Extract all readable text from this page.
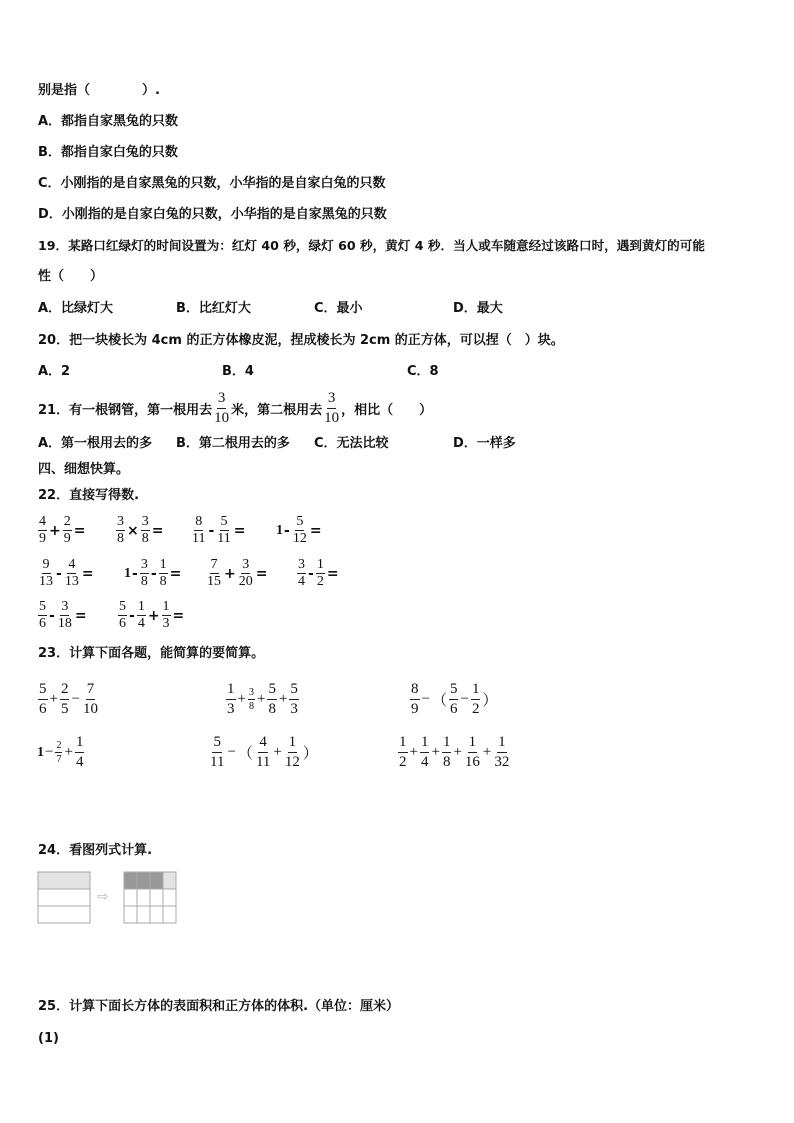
别是指（　　　　）.
A．都指自家黑兔的只数
B．都指自家白兔的只数
C．小刚指的是自家黑兔的只数，小华指的是自家白兔的只数
D．小刚指的是自家白兔的只数，小华指的是自家黑兔的只数
19．某路口红绿灯的时间设置为：红灯 40 秒，绿灯 60 秒，黄灯 4 秒．当人或车随意经过该路口时，遇到黄灯的可能
性（　　）
A．比绿灯大	B．比红灯大	C．最小	D．最大
20．把一块棱长为 4cm 的正方体橡皮泥，捏成棱长为 2cm 的正方体，可以捏（　）块。
A．2	B．4	C．8
21．有一根钢管，第一根用去 $\frac{3}{10}$ 米，第二根用去 $\frac{3}{10}$ ，相比（　　）
A．第一根用去的多 B．第二根用去的多 C．无法比较	D．一样多
四、细想快算。
22．直接写得数.
$\frac{4}{9} + \frac{2}{9} = \frac{3}{8} \times \frac{3}{8} = \frac{8}{11} - \frac{5}{11} = 1 - \frac{5}{12}$ =
$\frac{9}{13} - \frac{4}{13} = 1 - \frac{3}{8} - \frac{1}{8} = \frac{7}{15} + \frac{3}{20} = \frac{3}{4} - \frac{1}{2}$ =
$\frac{5}{6} - \frac{3}{18} = \frac{5}{6} - \frac{1}{4} + \frac{1}{3}$ =
23．计算下面各题，能简算的要简算。
$\frac{5}{6} + \frac{2}{5} - \frac{7}{10}$	$\frac{1}{3} + \frac{3}{8} + \frac{5}{8} + \frac{5}{3}$	$\frac{8}{9}$ − （ $\frac{5}{6} - \frac{1}{2}$ ）
$1 - \frac{2}{7} + \frac{1}{4}$	$\frac{5}{11}$ − （ $\frac{4}{11} + \frac{1}{12}$ ）	$\frac{1}{2} + \frac{1}{4} + \frac{1}{8} + \frac{1}{16} + \frac{1}{32}$
24．看图列式计算.
⇨
25．计算下面长方体的表面积和正方体的体积.（单位：厘米）
(1)
